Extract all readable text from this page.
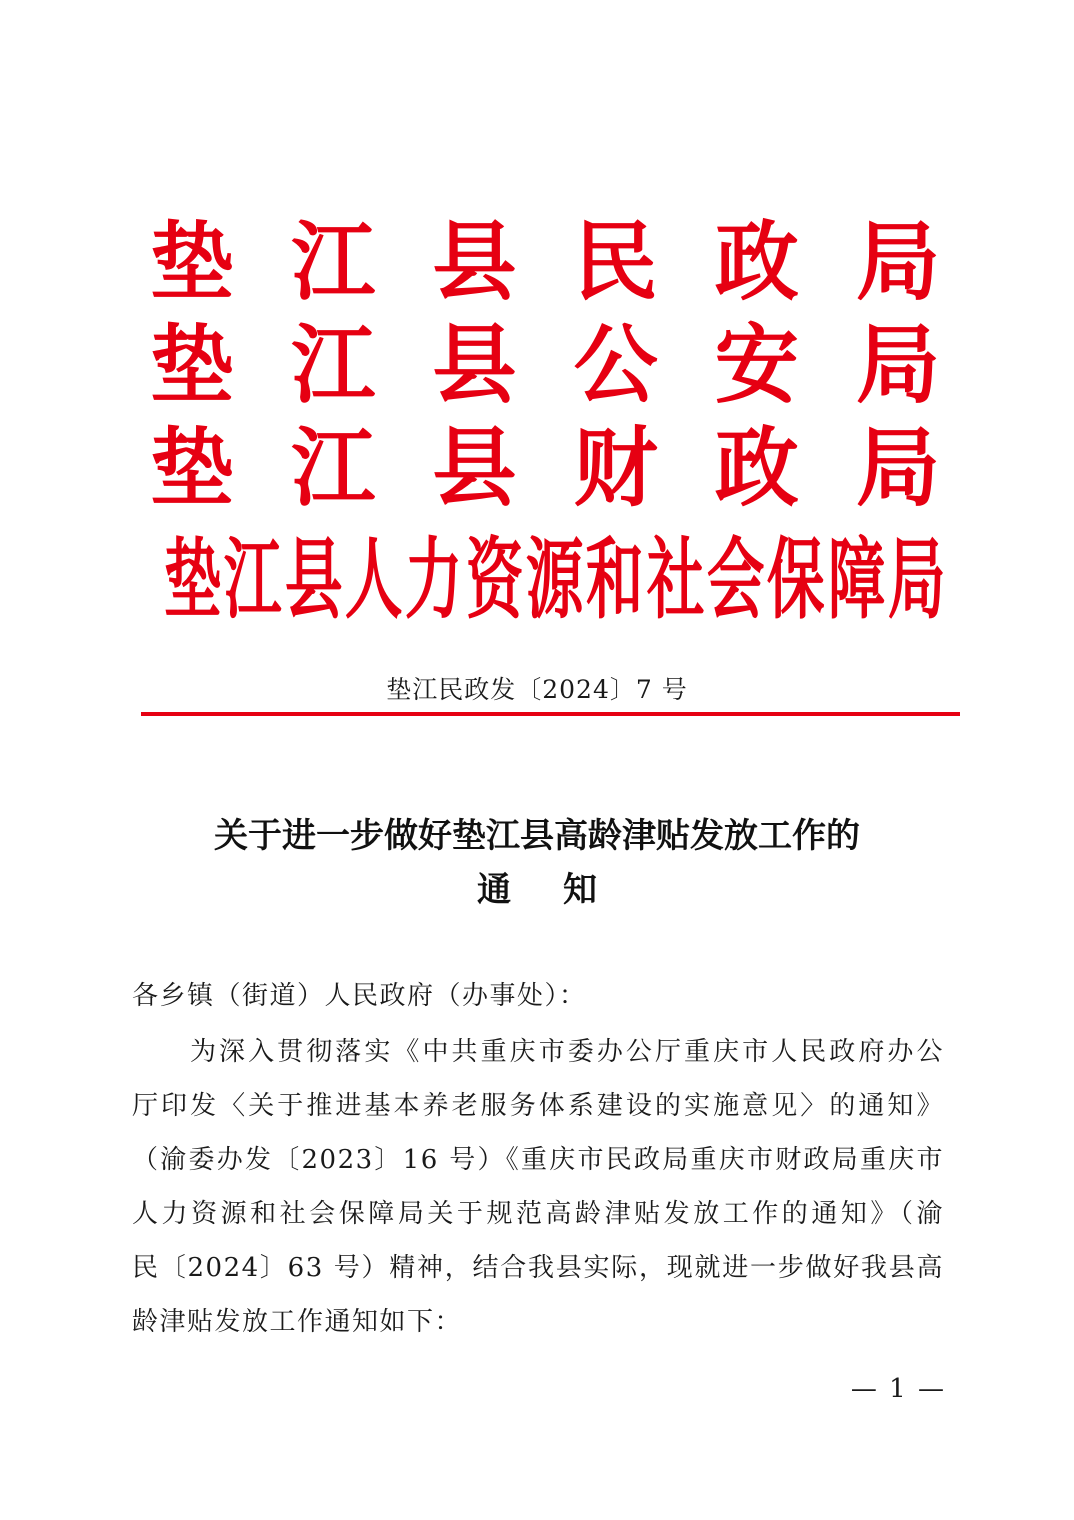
垫 江 县 民 政 局
垫 江 县 公 安 局
垫 江 县 财 政 局
垫 江 县 人 力 资 源 和 社 会 保 障 局
垫江民政发〔2024〕7 号
关于进一步做好垫江县高龄津贴发放工作的
通知
各乡镇（街道）人民政府（办事处）：
为深入贯彻落实《中共重庆市委办公厅重庆市人民政府办公
厅印发〈关于推进基本养老服务体系建设的实施意见〉的通知》
（渝委办发〔2023〕16 号）《重庆市民政局重庆市财政局重庆市
人力资源和社会保障局关于规范高龄津贴发放工作的通知》（渝
民〔2024〕63 号）精神，结合我县实际，现就进一步做好我县高
龄津贴发放工作通知如下：
— 1 —
